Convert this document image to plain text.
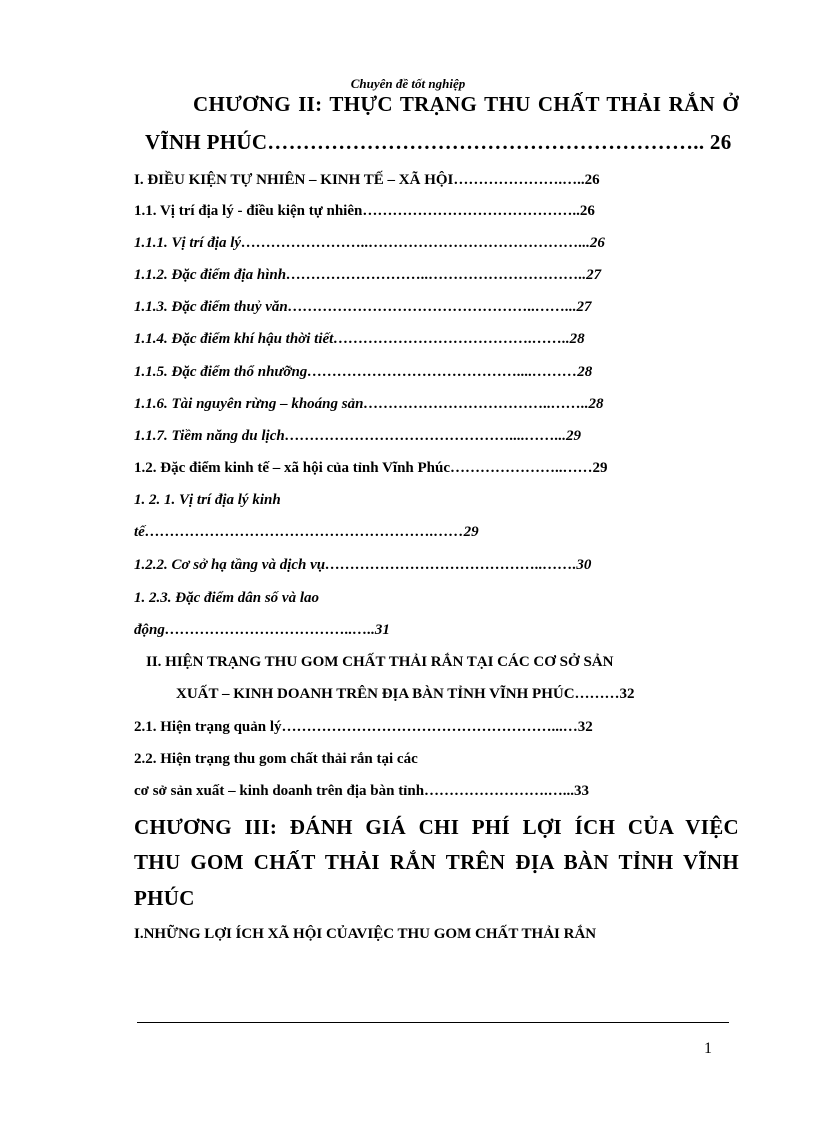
Chuyên đề tốt nghiệp
CHƯƠNG II: THỰC TRẠNG THU CHẤT THẢI RẮN Ở
VĨNH PHÚC…………………………………………………….. 26
I. ĐIỀU KIỆN TỰ NHIÊN – KINH TẾ – XÃ HỘI………………….…..26
1.1. Vị trí địa lý - điều kiện tự nhiên……………………………………..26
1.1.1. Vị trí địa lý……………………..……………………………………...26
1.1.2. Đặc điểm địa hình………………………..…………………………..27
1.1.3. Đặc điểm thuỷ văn…………………………………………..……...27
1.1.4. Đặc điểm khí hậu thời tiết………………………………….……..28
1.1.5. Đặc điểm thổ nhưỡng……………………………………....………28
1.1.6. Tài nguyên rừng – khoáng sản………………………………..……..28
1.1.7. Tiềm năng du lịch………………………………………....……...29
1.2. Đặc điểm kinh tế – xã hội của tỉnh Vĩnh Phúc…………………..……29
1. 2. 1. Vị trí địa lý kinh
tế………………………………………………….……29
1.2.2. Cơ sở hạ tầng và dịch vụ……………………………………..…….30
1. 2.3. Đặc điểm dân số và lao
động………………………………..…..31
II. HIỆN TRẠNG THU GOM CHẤT THẢI RẮN TẠI CÁC CƠ SỞ SẢN
XUẤT – KINH DOANH TRÊN ĐỊA BÀN TỈNH VĨNH PHÚC………32
2.1. Hiện trạng quản lý………………………………………………...…32
2.2. Hiện trạng thu gom chất thải rắn tại các
cơ sở sản xuất – kinh doanh trên địa bàn tỉnh…………………….…...33
CHƯƠNG III: ĐÁNH GIÁ CHI PHÍ LỢI ÍCH CỦA VIỆC
THU GOM CHẤT THẢI RẮN TRÊN ĐỊA BÀN TỈNH VĨNH
PHÚC
I.NHỮNG LỢI ÍCH XÃ HỘI CỦAVIỆC THU GOM CHẤT THẢI RẮN
1
